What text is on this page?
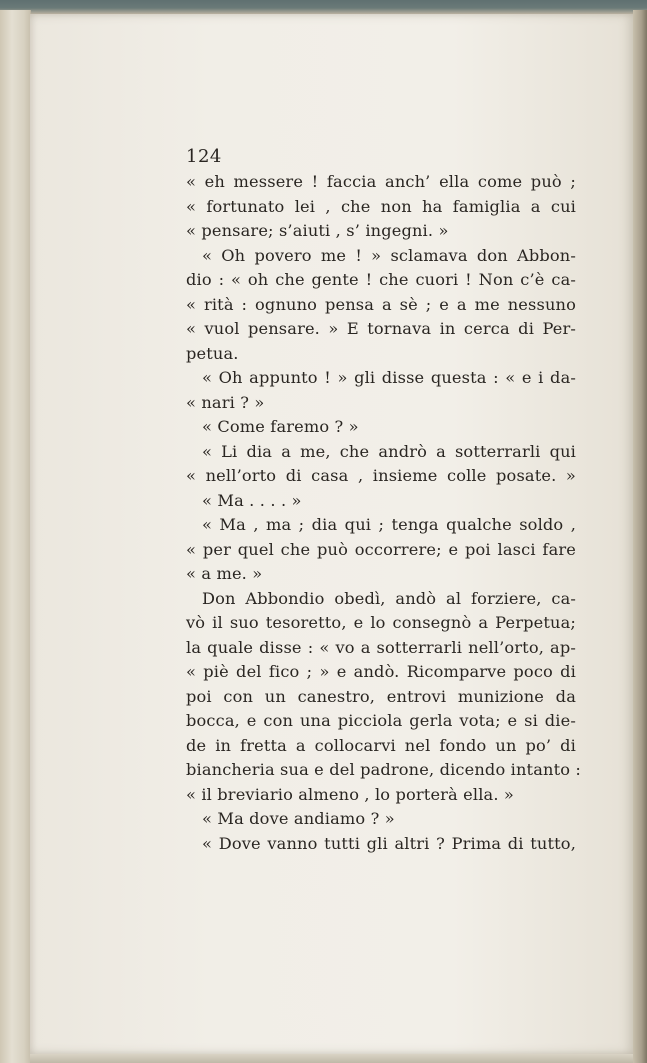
124
« eh messere ! faccia anch’ ella come può ;
« fortunato lei , che non ha famiglia a cui
« pensare; s’aiuti , s’ ingegni. »
« Oh povero me ! » sclamava don Abbon-
dio : « oh che gente ! che cuori ! Non c’è ca-
« rità : ognuno pensa a sè ; e a me nessuno
« vuol pensare. » E tornava in cerca di Per-
petua.
« Oh appunto ! » gli disse questa : « e i da-
« nari ? »
« Come faremo ? »
« Li dia a me, che andrò a sotterrarli qui
« nell’orto di casa , insieme colle posate. »
« Ma . . . . »
« Ma , ma ; dia qui ; tenga qualche soldo ,
« per quel che può occorrere; e poi lasci fare
« a me. »
Don Abbondio obedì, andò al forziere, ca-
vò il suo tesoretto, e lo consegnò a Perpetua;
la quale disse : « vo a sotterrarli nell’orto, ap-
« piè del fico ; » e andò. Ricomparve poco di
poi con un canestro, entrovi munizione da
bocca, e con una picciola gerla vota; e si die-
de in fretta a collocarvi nel fondo un po’ di
biancheria sua e del padrone, dicendo intanto :
« il breviario almeno , lo porterà ella. »
« Ma dove andiamo ? »
« Dove vanno tutti gli altri ? Prima di tutto,
